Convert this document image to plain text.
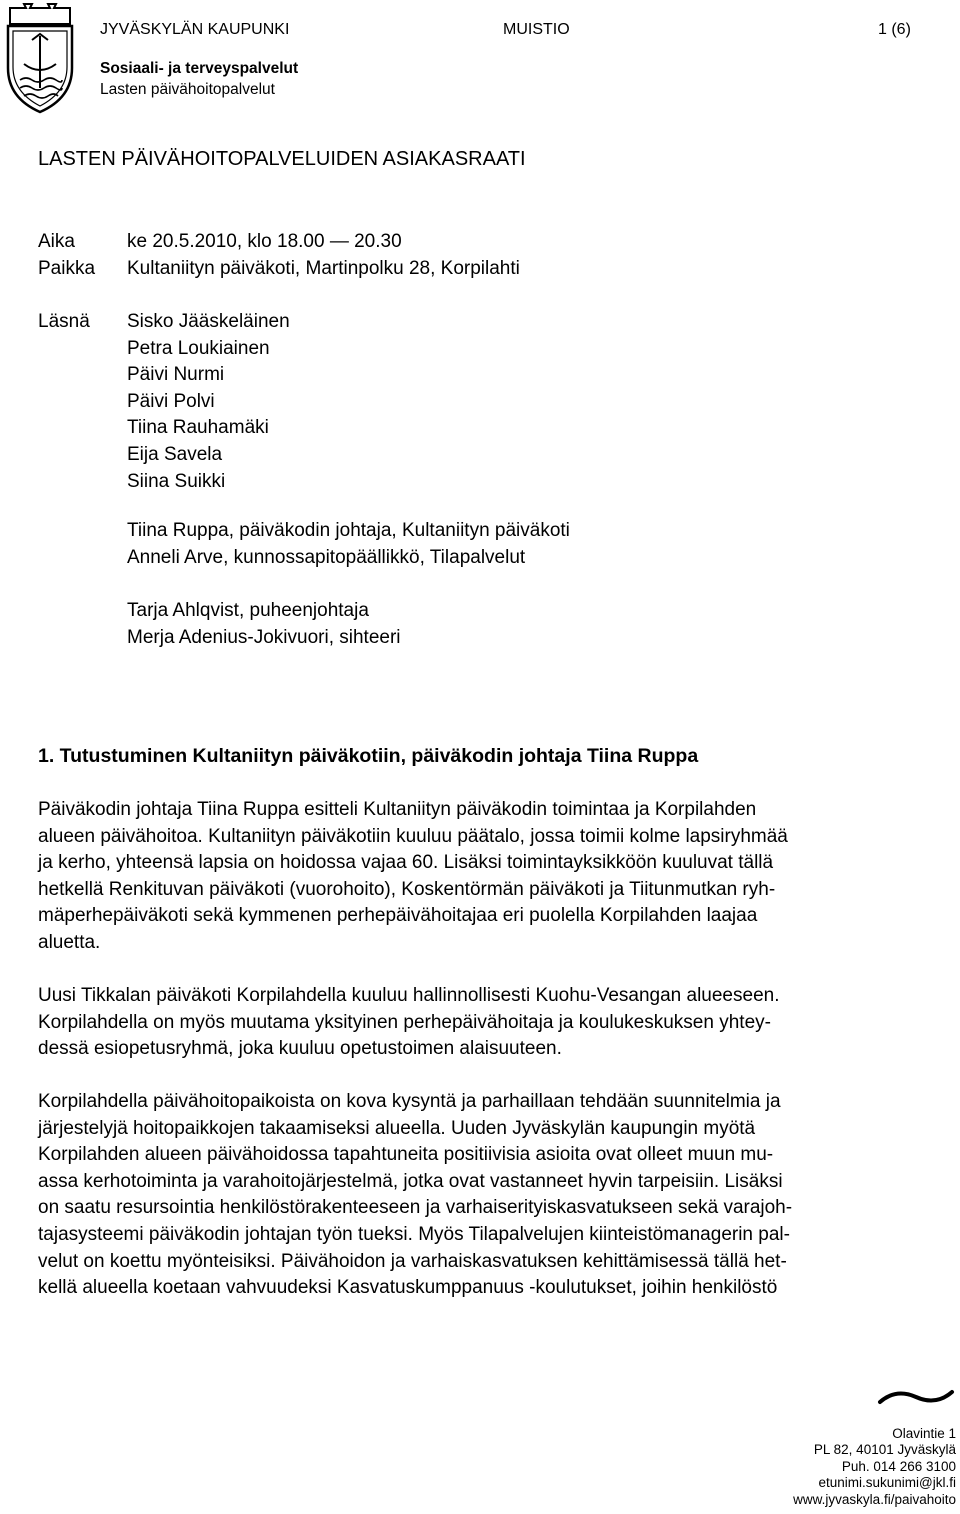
JYVÄSKYLÄN KAUPUNKI	MUISTIO	1 (6)
Sosiaali- ja terveyspalvelut
Lasten päivähoitopalvelut
LASTEN PÄIVÄHOITOPALVELUIDEN ASIAKASRAATI
Aika	ke 20.5.2010, klo 18.00 — 20.30
Paikka Kultaniityn päiväkoti, Martinpolku 28, Korpilahti
Läsnä Sisko Jääskeläinen
Petra Loukiainen
Päivi Nurmi
Päivi Polvi
Tiina Rauhamäki
Eija Savela
Siina Suikki
Tiina Ruppa, päiväkodin johtaja, Kultaniityn päiväkoti
Anneli Arve, kunnossapitopäällikkö, Tilapalvelut
Tarja Ahlqvist, puheenjohtaja
Merja Adenius-Jokivuori, sihteeri
1. Tutustuminen Kultaniityn päiväkotiin, päiväkodin johtaja Tiina Ruppa
Päiväkodin johtaja Tiina Ruppa esitteli Kultaniityn päiväkodin toimintaa ja Korpilahden
alueen päivähoitoa. Kultaniityn päiväkotiin kuuluu päätalo, jossa toimii kolme lapsiryhmää
ja kerho, yhteensä lapsia on hoidossa vajaa 60. Lisäksi toimintayksikköön kuuluvat tällä
hetkellä Renkituvan päiväkoti (vuorohoito), Koskentörmän päiväkoti ja Tiitunmutkan ryh-
mäperhepäiväkoti sekä kymmenen perhepäivähoitajaa eri puolella Korpilahden laajaa
aluetta.
Uusi Tikkalan päiväkoti Korpilahdella kuuluu hallinnollisesti Kuohu-Vesangan alueeseen.
Korpilahdella on myös muutama yksityinen perhepäivähoitaja ja koulukeskuksen yhtey-
dessä esiopetusryhmä, joka kuuluu opetustoimen alaisuuteen.
Korpilahdella päivähoitopaikoista on kova kysyntä ja parhaillaan tehdään suunnitelmia ja
järjestelyjä hoitopaikkojen takaamiseksi alueella. Uuden Jyväskylän kaupungin myötä
Korpilahden alueen päivähoidossa tapahtuneita positiivisia asioita ovat olleet muun mu-
assa kerhotoiminta ja varahoitojärjestelmä, jotka ovat vastanneet hyvin tarpeisiin. Lisäksi
on saatu resursointia henkilöstörakenteeseen ja varhaiserityiskasvatukseen sekä varajoh-
tajasysteemi päiväkodin johtajan työn tueksi. Myös Tilapalvelujen kiinteistömanagerin pal-
velut on koettu myönteisiksi. Päivähoidon ja varhaiskasvatuksen kehittämisessä tällä het-
kellä alueella koetaan vahvuudeksi Kasvatuskumppanuus -koulutukset, joihin henkilöstö
Olavintie 1
PL 82, 40101 Jyväskylä
Puh. 014 266 3100
etunimi.sukunimi@jkl.fi
www.jyvaskyla.fi/paivahoito
